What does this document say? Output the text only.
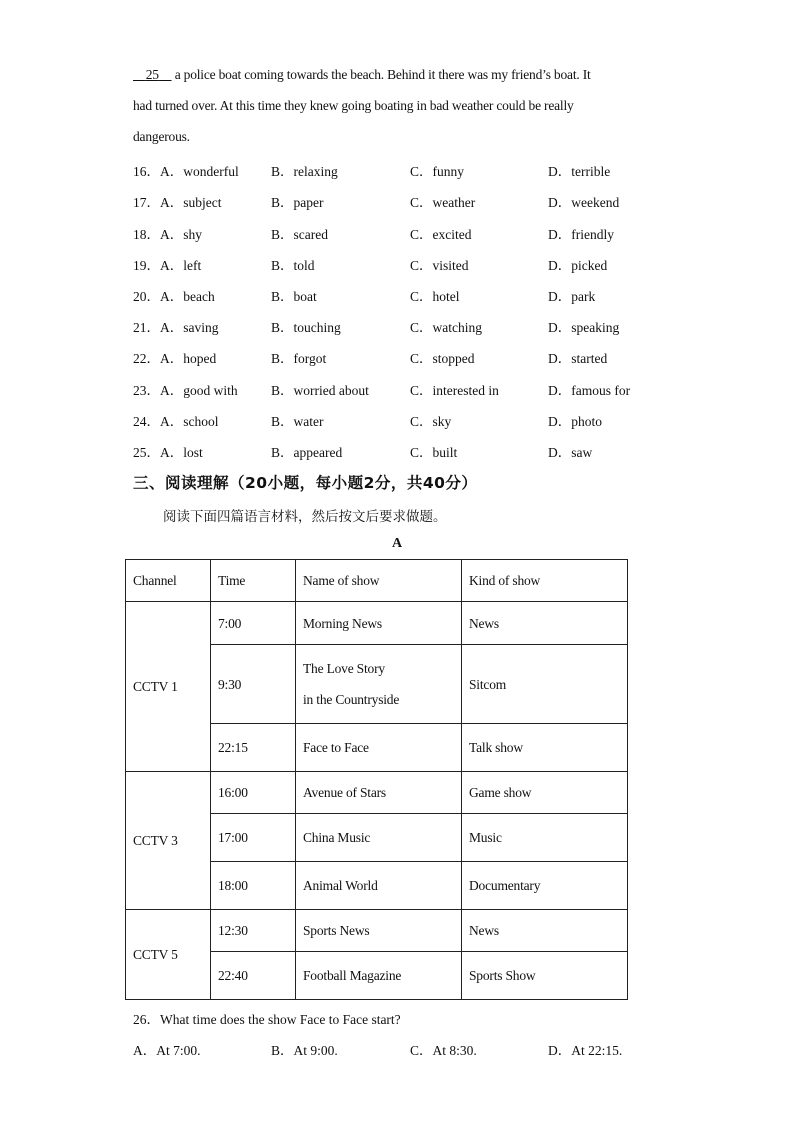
25     a police boat coming towards the beach. Behind it there was my friend’s boat. It
had turned over. At this time they knew going boating in bad weather could be really
dangerous.
16．A．wonderful B．relaxing	C．funny	D．terrible
17．A．subject	B．paper	C．weather	D．weekend
18．A．shy	B．scared	C．excited	D．friendly
19．A．left	B．told	C．visited	D．picked
20．A．beach	B．boat	C．hotel	D．park
21．A．saving	B．touching	C．watching	D．speaking
22．A．hoped	B．forgot	C．stopped	D．started
23．A．good with B．worried about	C．interested in	D．famous for
24．A．school	B．water	C．sky	D．photo
25．A．lost	B．appeared	C．built	D．saw
三、阅读理解（20小题，每小题2分，共40分）
阅读下面四篇语言材料，然后按文后要求做题。
A
Channel	Time	Name of show	Kind of show
CCTV 1	7:00	Morning News	News
	9:30	The Love Story
in the Countryside	Sitcom
	22:15	Face to Face	Talk show
CCTV 3	16:00	Avenue of Stars	Game show
	17:00	China Music	Music
	18:00	Animal World	Documentary
CCTV 5	12:30	Sports News	News
	22:40	Football Magazine	Sports Show
26．What time does the show Face to Face start?
A．At 7:00.	B．At 9:00.	C．At 8:30.	D．At 22:15.
